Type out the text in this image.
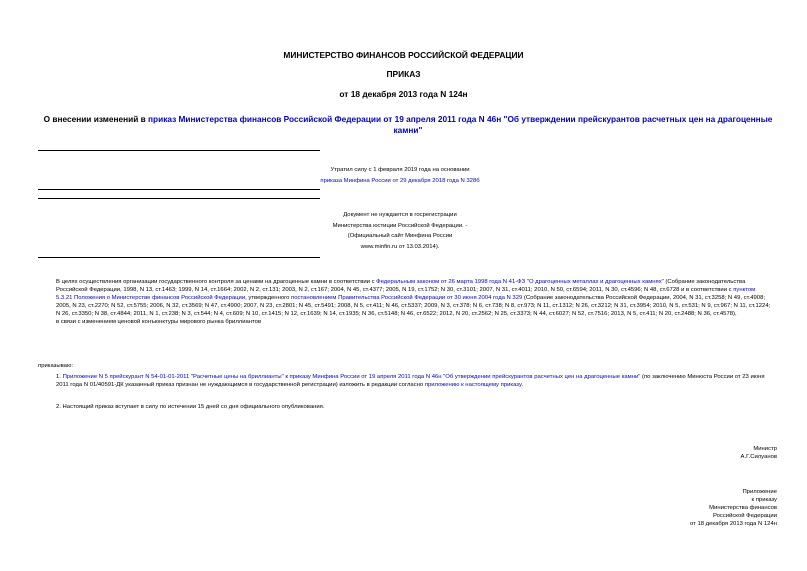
МИНИСТЕРСТВО ФИНАНСОВ РОССИЙСКОЙ ФЕДЕРАЦИИ
ПРИКАЗ
от 18 декабря 2013 года N 124н
О внесении изменений в приказ Министерства финансов Российской Федерации от 19 апреля 2011 года N 46н "Об утверждении прейскурантов расчетных цен на драгоценные камни"
Утратил силу с 1 февраля 2019 года на основании
приказа Минфина России от 29 декабря 2018 года N 328б
Документ не нуждается в госрегистрации
Министерства юстиции Российской Федерации. -
(Официальный сайт Минфина России
www.minfin.ru от 13.03.2014).
В целях осуществления организации государственного контроля за ценами на драгоценные камни в соответствии с Федеральным законом от 26 марта 1998 года N 41-ФЗ "О драгоценных металлах и драгоценных камнях" (Собрание законодательства Российской Федерации, 1998, N 13, ст.1463; 1999, N 14, ст.1664; 2002, N 2, ст.131; 2003, N 2, ст.167; 2004, N 45, ст.4377; 2005, N 19, ст.1752; N 30, ст.3101; 2007, N 31, ст.4011; 2010, N 50, ст.6594; 2011, N 30, ст.4596; N 48, ст.6728 и в соответствии с пунктом 5.3.21 Положения о Министерстве финансов Российской Федерации, утвержденного постановлением Правительства Российской Федерации от 30 июня 2004 года N 329 (Собрание законодательства Российской Федерации, 2004, N 31, ст.3258; N 49, ст.4908; 2005, N 23, ст.2270; N 52, ст.5755; 2006, N 32, ст.3569; N 47, ст.4900; 2007, N 23, ст.2801; N 45, ст.5491; 2008, N 5, ст.411; N 46, ст.5337; 2009, N 3, ст.378; N 6, ст.738; N 8, ст.973; N 11, ст.1312; N 26, ст.3212; N 31, ст.3954; 2010, N 5, ст.531; N 9, ст.967; N 11, ст.1224; N 26, ст.3350; N 38, ст.4844; 2011, N 1, ст.238; N 3, ст.544; N 4, ст.609; N 10, ст.1415; N 12, ст.1639; N 14, ст.1935; N 36, ст.5148; N 46, ст.6522; 2012, N 20, ст.2562; N 25, ст.3373; N 44, ст.6027; N 52, ст.7516; 2013, N 5, ст.411; N 20, ст.2488; N 36, ст.4578),
в связи с изменением ценовой конъюнктуры мирового рынка бриллиантов
приказываю:
1. Приложение N 5 прейскурант N 54-01-01-2011 "Расчетные цены на бриллианты" к приказу Минфина России от 19 апреля 2011 года N 46н "Об утверждении прейскурантов расчетных цен на драгоценные камни" (по заключению Минюста России от 23 июня 2011 года N 01/40591-ДК указанный приказ признан не нуждающимся в государственной регистрации) изложить в редакции согласно приложению к настоящему приказу.
2. Настоящий приказ вступает в силу по истечении 15 дней со дня официального опубликования.
Министр
А.Г.Силуанов
Приложение
к приказу
Министерства финансов
Российской Федерации
от 18 декабря 2013 года N 124н
